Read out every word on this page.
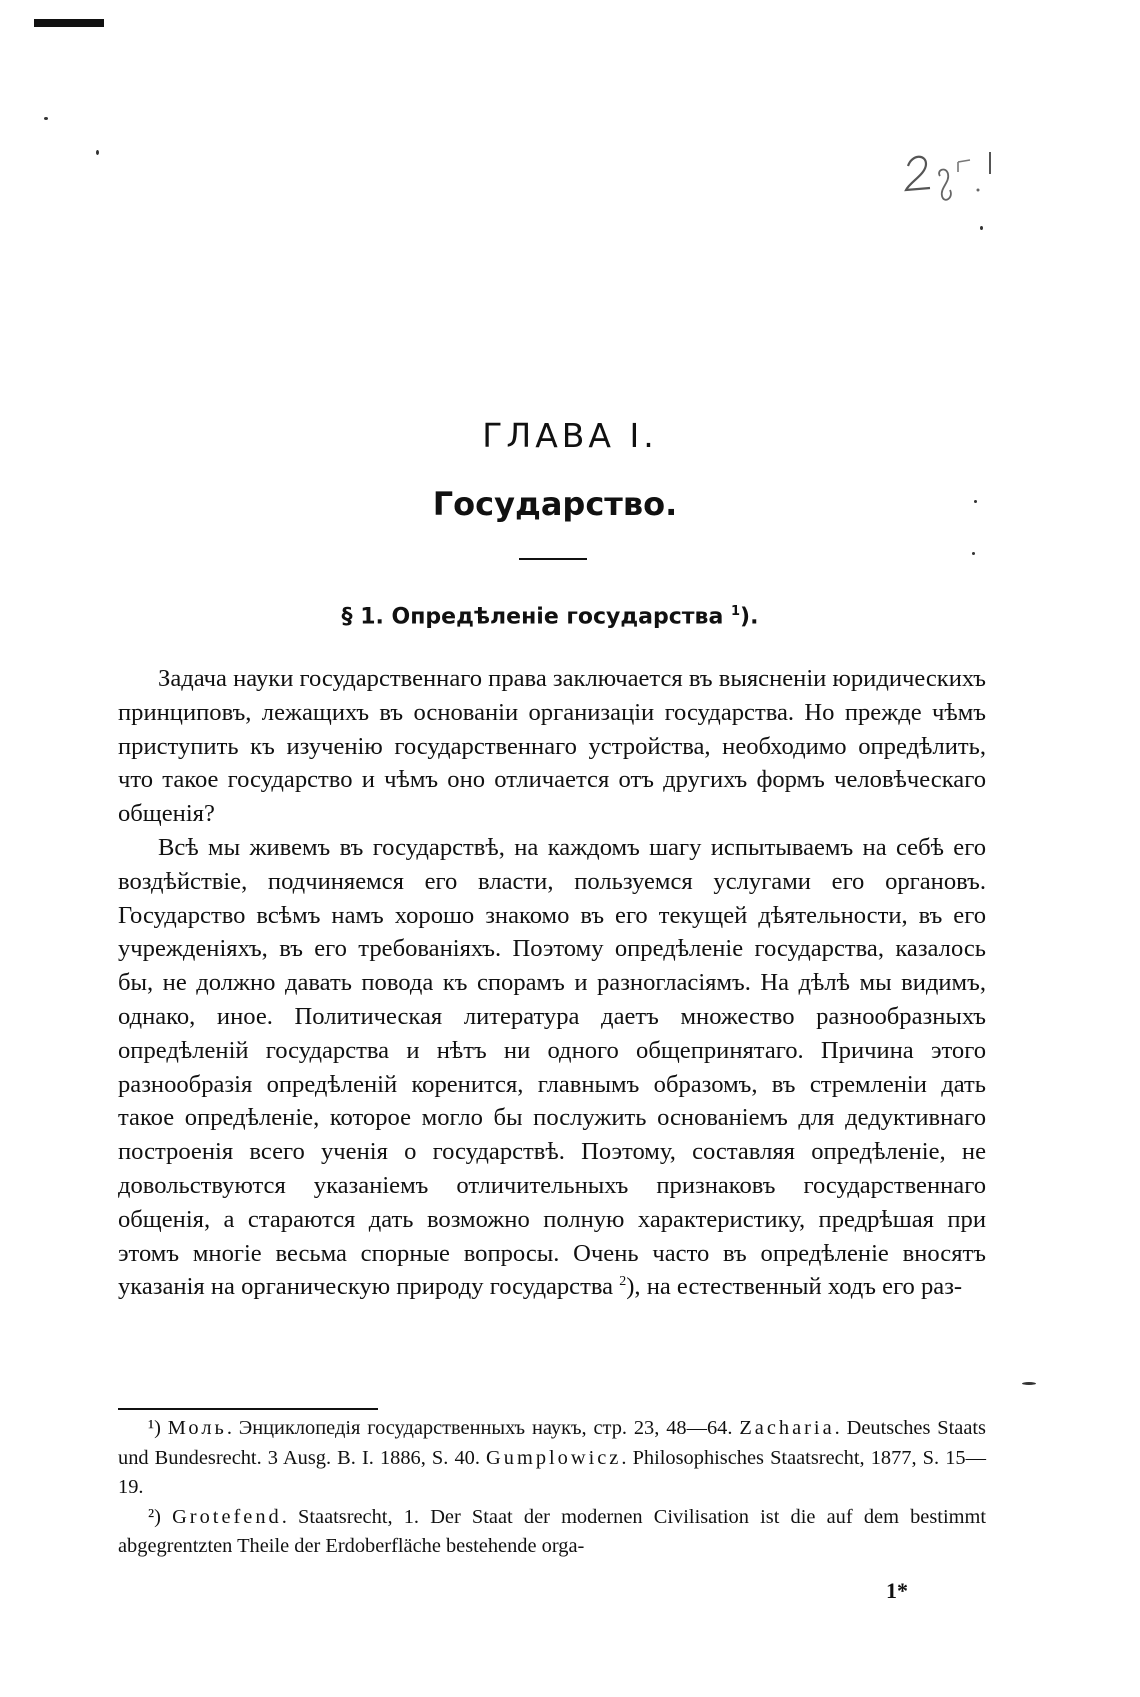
ГЛАВА I.
Государство.
§ 1. Опредѣленіе государства $^1$).

Задача науки государственнаго права заключается въ выясненіи юридическихъ принциповъ, лежащихъ въ основаніи организаціи государства. Но прежде чѣмъ приступить къ изученію государственнаго устройства, необходимо опредѣлить, что такое государство и чѣмъ оно отличается отъ другихъ формъ человѣческаго общенія?

Всѣ мы живемъ въ государствѣ, на каждомъ шагу испытываемъ на себѣ его воздѣйствіе, подчиняемся его власти, пользуемся услугами его органовъ. Государство всѣмъ намъ хорошо знакомо въ его текущей дѣятельности, въ его учрежденіяхъ, въ его требованіяхъ. Поэтому опредѣленіе государства, казалось бы, не должно давать повода къ спорамъ и разногласіямъ. На дѣлѣ мы видимъ, однако, иное. Политическая литература даетъ множество разнообразныхъ опредѣленій государства и нѣтъ ни одного общепринятаго. Причина этого разнообразія опредѣленій коренится, главнымъ образомъ, въ стремленіи дать такое опредѣленіе, которое могло бы послужить основаніемъ для дедуктивнаго построенія всего ученія о государствѣ. Поэтому, составляя опредѣленіе, не довольствуются указаніемъ отличительныхъ признаковъ государственнаго общенія, а стараются дать возможно полную характеристику, предрѣшая при этомъ многіе весьма спорные вопросы. Очень часто въ опредѣленіе вносятъ указанія на органическую природу государства $^2$), на естественный ходъ его раз-

¹) Моль. Энциклопедія государственныхъ наукъ, стр. 23, 48—64. Zacharia. Deutsches Staats und Bundesrecht. 3 Ausg. B. I. 1886, S. 40. Gumplowicz. Philosophisches Staatsrecht, 1877, S. 15—19.

²) Grotefend. Staatsrecht, 1. Der Staat der modernen Civilisation ist die auf dem bestimmt abgegrentzten Theile der Erdoberfläche bestehende orga-

1*
